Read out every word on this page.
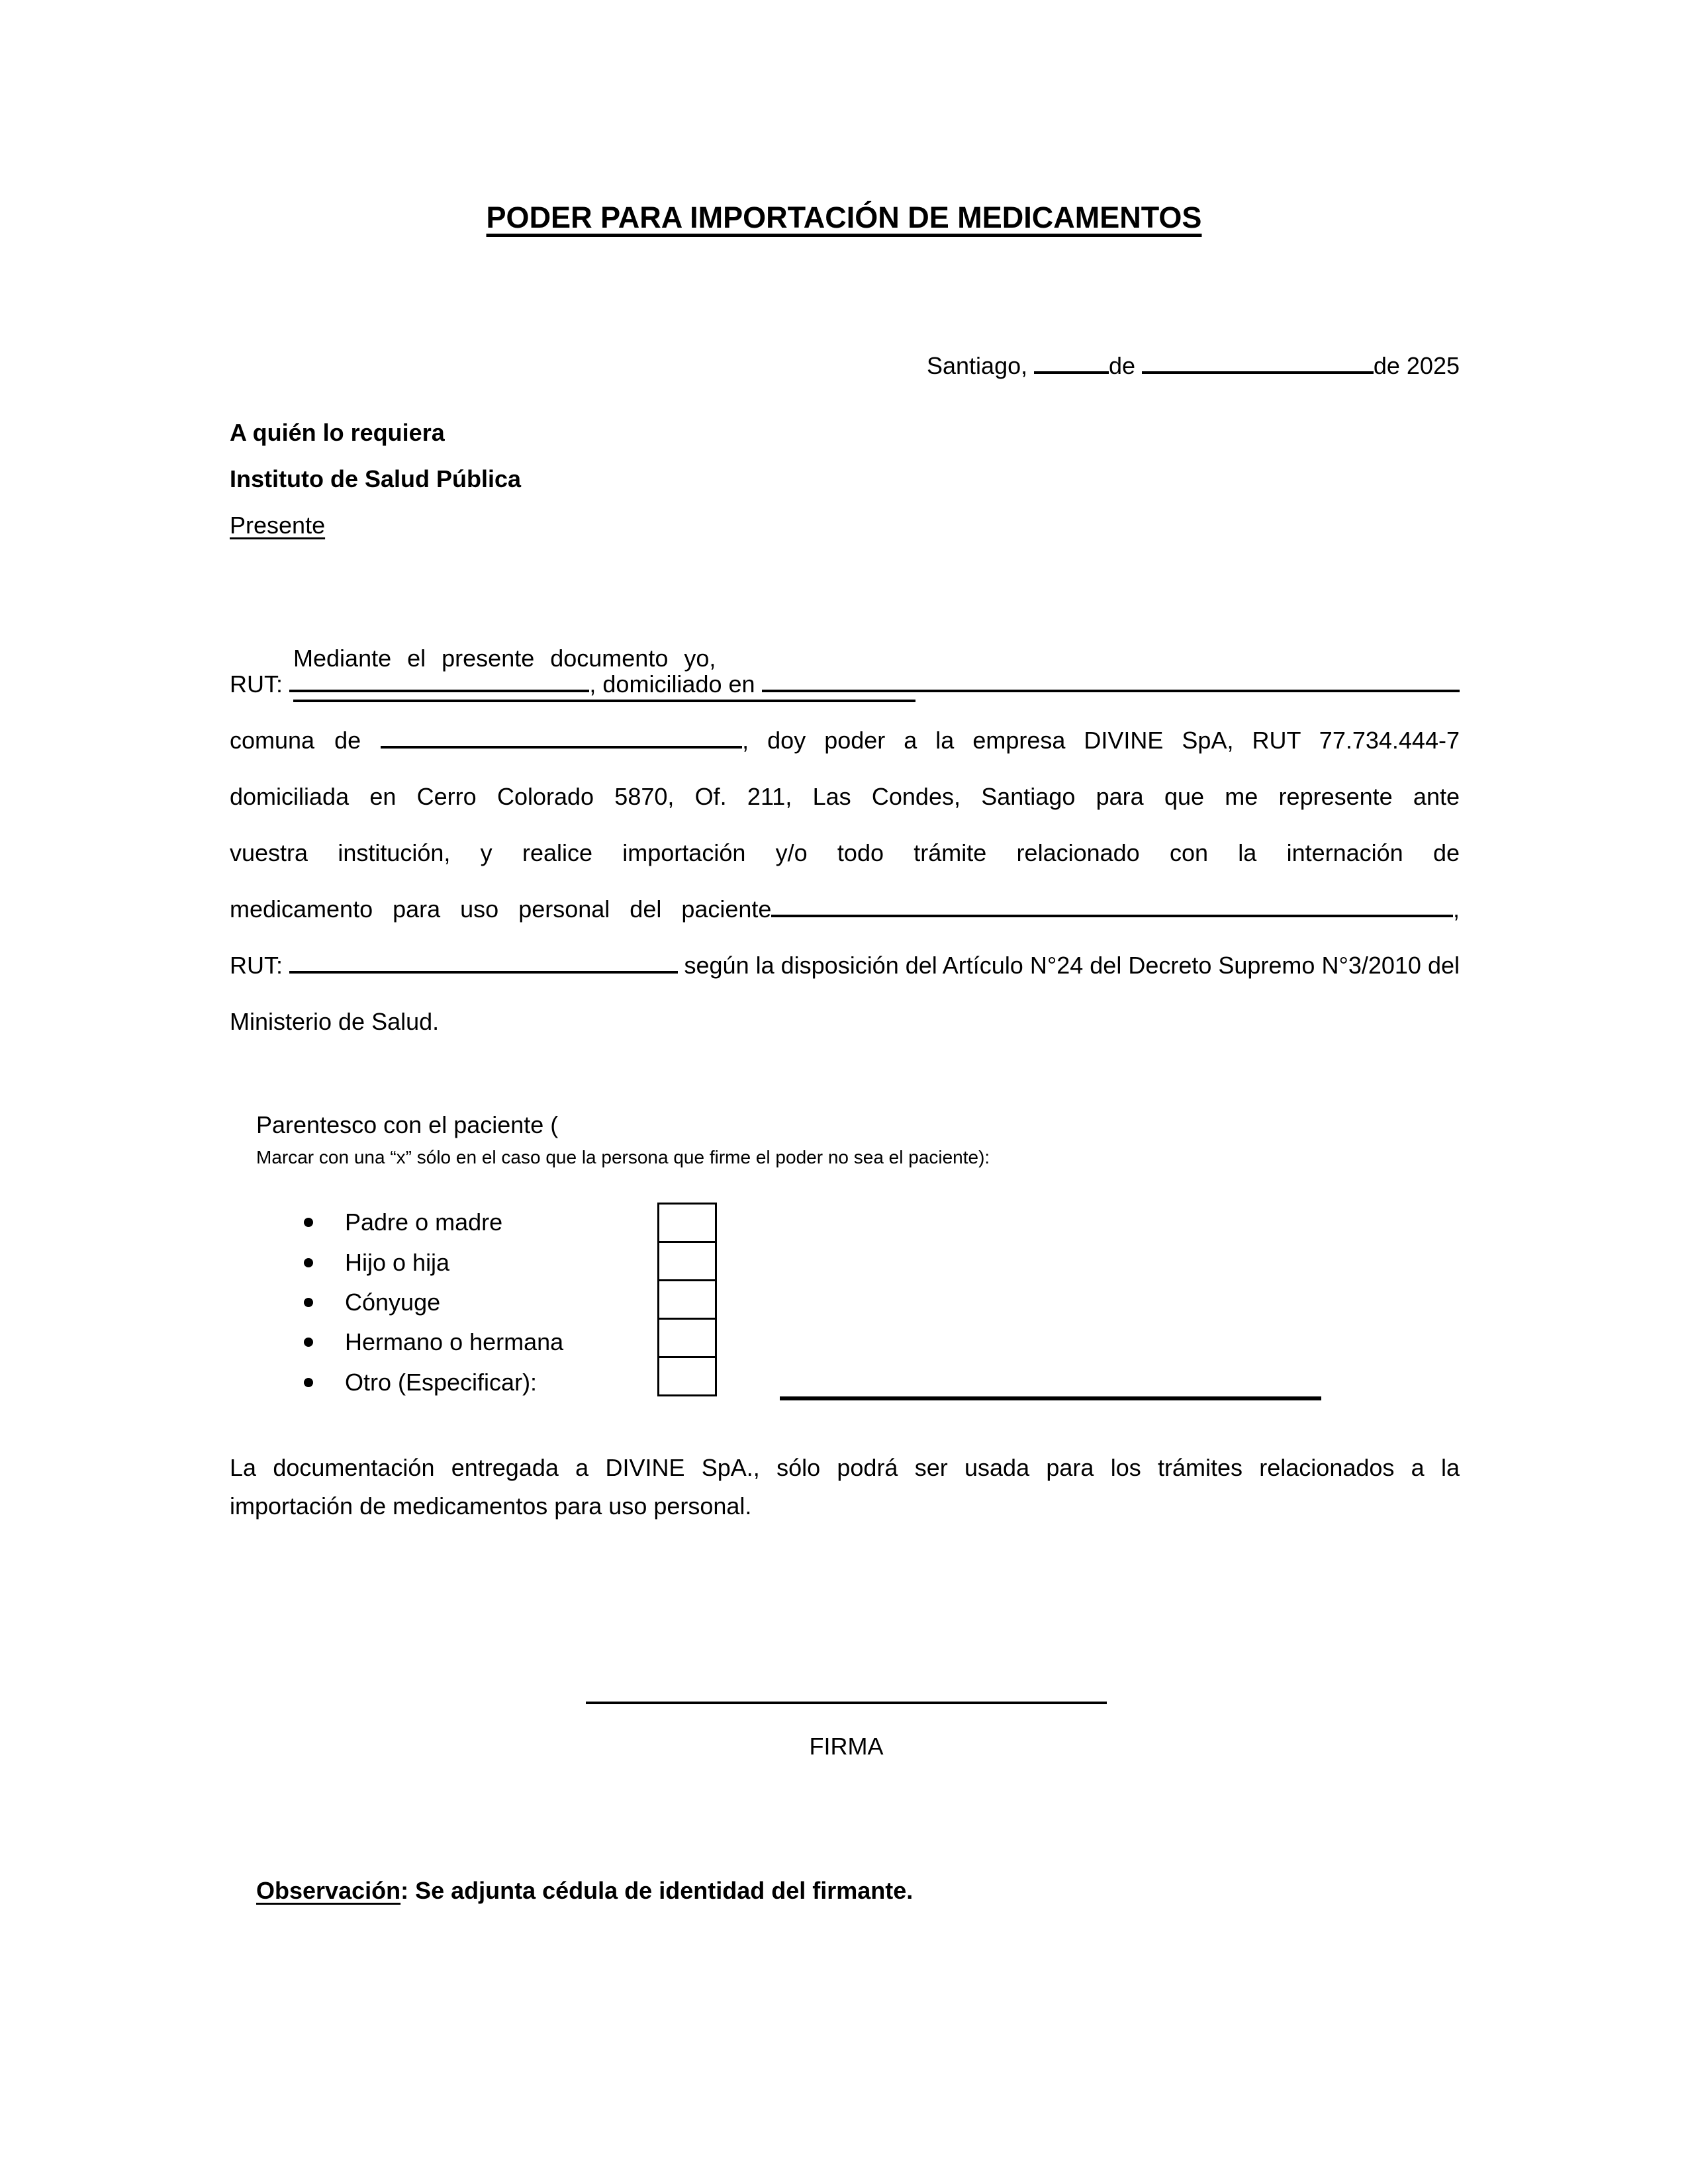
PODER PARA IMPORTACIÓN DE MEDICAMENTOS
Santiago,	de	de 2025
A quién lo requiera
Instituto de Salud Pública
Presente

Mediante el presente documento yo,

RUT:	, domiciliado en
comuna de	, doy poder a la empresa DIVINE SpA, RUT 77.734.444-7
domiciliada en Cerro Colorado 5870, Of. 211, Las Condes, Santiago para que me represente ante
vuestra institución, y realice importación y/o todo trámite relacionado con la internación de
medicamento para uso personal del paciente	,
RUT:	según la disposición del Artículo N°24 del Decreto Supremo N°3/2010 del
Ministerio de Salud.

Parentesco con el paciente (
Marcar con una “x” sólo en el caso que la persona que firme el poder no sea el paciente):

Padre o madre
Hijo o hija
Cónyuge
Hermano o hermana
Otro (Especificar):
La documentación entregada a DIVINE SpA., sólo podrá ser usada para los trámites relacionados a la
importación de medicamentos para uso personal.
FIRMA

Observación: Se adjunta cédula de identidad del firmante.
